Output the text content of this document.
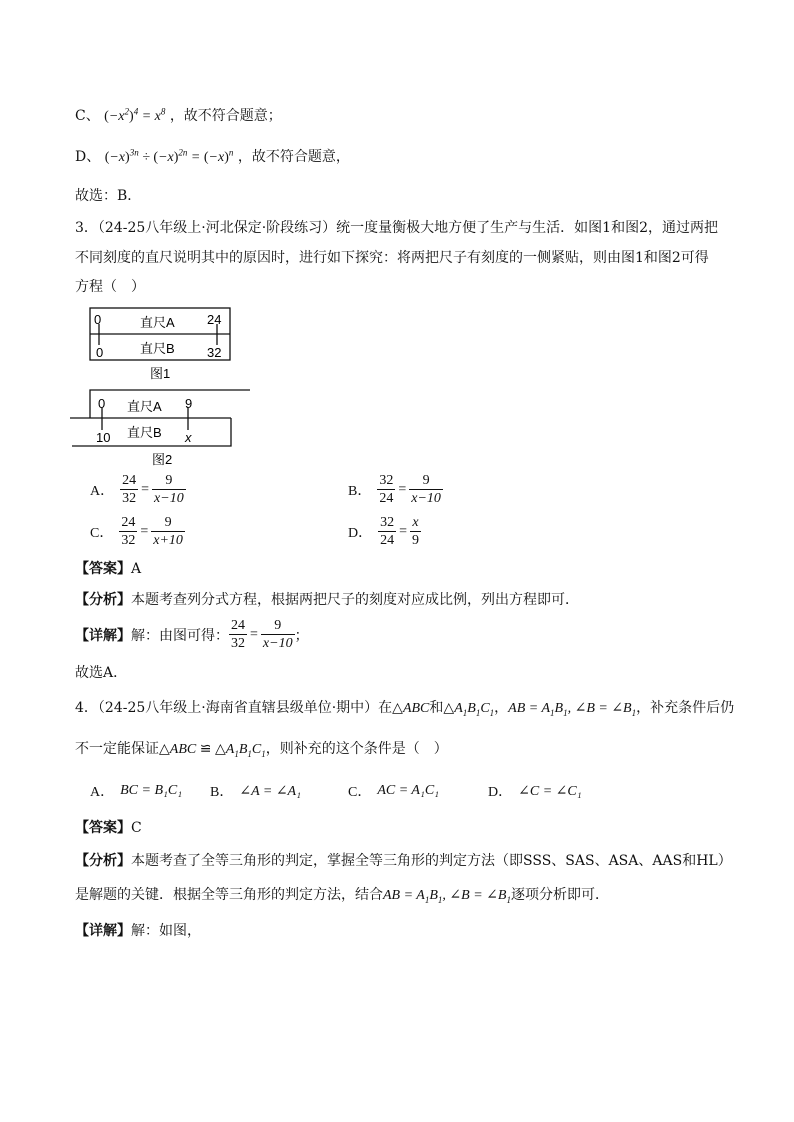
C、 $(-x^2)^4 = x^8$ ，故不符合题意；
D、 $(-x)^{3n} \div (-x)^{2n} = (-x)^n$ ，故不符合题意，
故选：B．
3．（24-25八年级上·河北保定·阶段练习）统一度量衡极大地方便了生产与生活．如图1和图2，通过两把
不同刻度的直尺说明其中的原因时，进行如下探究：将两把尺子有刻度的一侧紧贴，则由图1和图2可得
方程（　）
0	24
0	32
直尺A
直尺B
图1
0	9
10	x
直尺A
直尺B
图2
A． $\frac{24}{32} = \frac{9}{x-10}$	B． $\frac{32}{24} = \frac{9}{x-10}$
C． $\frac{24}{32} = \frac{9}{x+10}$	D． $\frac{32}{24} = \frac{x}{9}$
【答案】A
【分析】本题考查列分式方程，根据两把尺子的刻度对应成比例，列出方程即可．
【详解】 解：由图可得： $\frac{24}{32} = \frac{9}{x-10}$ ；
故选A．
4．（24-25八年级上·海南省直辖县级单位·期中）在△ABC和$\triangle A_1B_1C_1$，AB = $A_1B_1$, ∠B = $\angle B_1$，补充条件后仍
不一定能保证△ABC ≌ $\triangle A_1B_1C_1$，则补充的这个条件是（　）
A． BC = B₁C₁ B． ∠A = ∠A₁	C． AC = A₁C₁	D． ∠C = ∠C₁
【答案】C
【分析】本题考查了全等三角形的判定，掌握全等三角形的判定方法（即SSS、SAS、ASA、AAS和HL）
是解题的关键．根据全等三角形的判定方法，结合AB = $A_1B_1$, ∠B = $\angle B_1$逐项分析即可．
【详解】解：如图，
